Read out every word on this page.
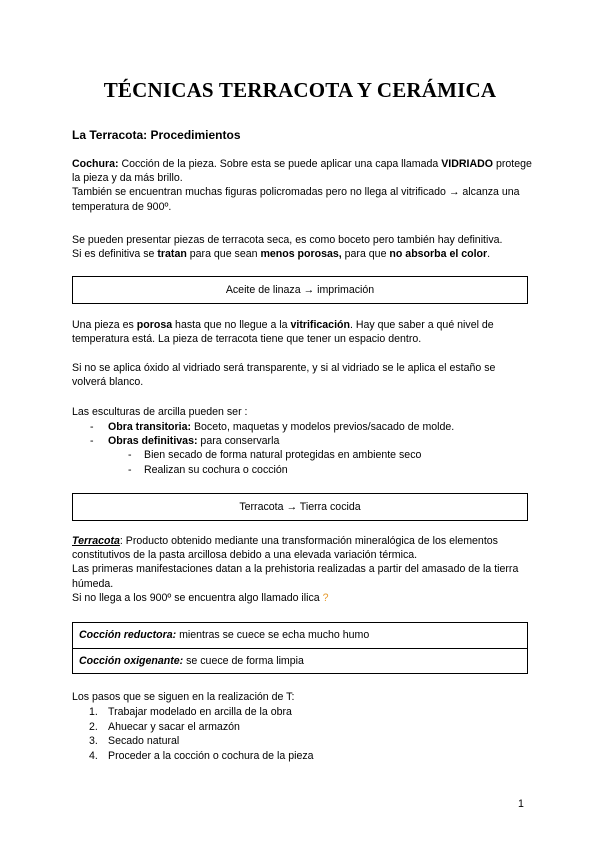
TÉCNICAS TERRACOTA Y CERÁMICA
La Terracota: Procedimientos
Cochura: Cocción de la pieza. Sobre esta se puede aplicar una capa llamada VIDRIADO protege la pieza y da más brillo.
También se encuentran muchas figuras policromadas pero no llega al vitrificado → alcanza una temperatura de 900º.
Se pueden presentar piezas de terracota seca, es como boceto pero también hay definitiva.
Si es definitiva se tratan para que sean menos porosas, para que no absorba el color.
Aceite de linaza → imprimación
Una pieza es porosa hasta que no llegue a la vitrificación. Hay que saber a qué nivel de temperatura está. La pieza de terracota tiene que tener un espacio dentro.
Si no se aplica óxido al vidriado será transparente, y si al vidriado se le aplica el estaño se volverá blanco.
Las esculturas de arcilla pueden ser :
- Obra transitoria: Boceto, maquetas y modelos previos/sacado de molde.
- Obras definitivas: para conservarla
- Bien secado de forma natural protegidas en ambiente seco
- Realizan su cochura o cocción
Terracota → Tierra cocida
Terracota: Producto obtenido mediante una transformación mineralógica de los elementos constitutivos de la pasta arcillosa debido a una elevada variación térmica.
Las primeras manifestaciones datan a la prehistoria realizadas a partir del amasado de la tierra húmeda.
Si no llega a los 900º se encuentra algo llamado ilica ?
Cocción reductora: mientras se cuece se echa mucho humo
Cocción oxigenante: se cuece de forma limpia
Los pasos que se siguen en la realización de T:
1. Trabajar modelado en arcilla de la obra
2. Ahuecar y sacar el armazón
3. Secado natural
4. Proceder a la cocción o cochura de la pieza
1
